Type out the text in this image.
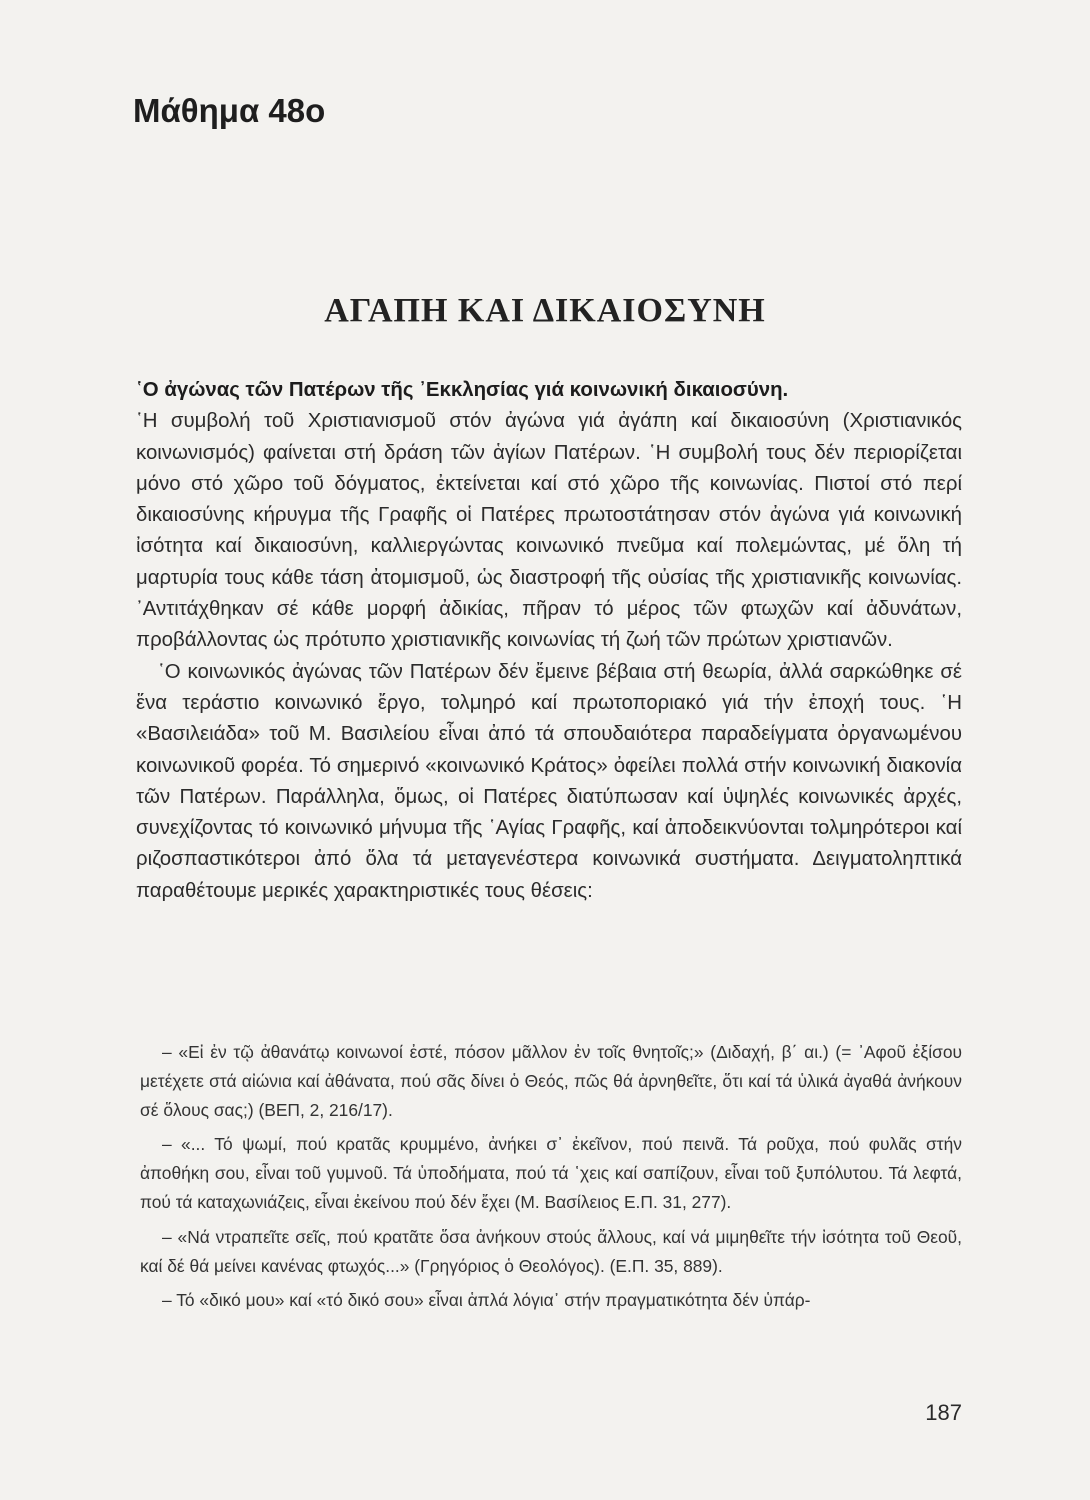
Μάθημα 48ο
ΑΓΑΠΗ ΚΑΙ ΔΙΚΑΙΟΣΥΝΗ

῾Ο ἀγώνας τῶν Πατέρων τῆς ᾿Εκκλησίας γιά κοινωνική δικαιοσύνη.

῾Η συμβολή τοῦ Χριστιανισμοῦ στόν ἀγώνα γιά ἀγάπη καί δικαιοσύνη (Χριστιανικός κοινωνισμός) φαίνεται στή δράση τῶν ἁγίων Πατέρων. ῾Η συμβολή τους δέν περιορίζεται μόνο στό χῶρο τοῦ δόγματος, ἐκτείνεται καί στό χῶρο τῆς κοινωνίας. Πιστοί στό περί δικαιοσύνης κήρυγμα τῆς Γραφῆς οἱ Πατέρες πρωτοστάτησαν στόν ἀγώνα γιά κοινωνική ἰσότητα καί δικαιοσύνη, καλλιεργώντας κοινωνικό πνεῦμα καί πολεμώντας, μέ ὅλη τή μαρτυρία τους κάθε τάση ἀτομισμοῦ, ὡς διαστροφή τῆς οὐσίας τῆς χριστιανικῆς κοινωνίας. ᾿Αντιτάχθηκαν σέ κάθε μορφή ἀδικίας, πῆραν τό μέρος τῶν φτωχῶν καί ἀδυνάτων, προβάλλοντας ὡς πρότυπο χριστιανικῆς κοινωνίας τή ζωή τῶν πρώτων χριστιανῶν.

῾Ο κοινωνικός ἀγώνας τῶν Πατέρων δέν ἔμεινε βέβαια στή θεωρία, ἀλλά σαρκώθηκε σέ ἕνα τεράστιο κοινωνικό ἔργο, τολμηρό καί πρωτοποριακό γιά τήν ἐποχή τους. ῾Η «Βασιλειάδα» τοῦ Μ. Βασιλείου εἶναι ἀπό τά σπουδαιότερα παραδείγματα ὀργανωμένου κοινωνικοῦ φορέα. Τό σημερινό «κοινωνικό Κράτος» ὀφείλει πολλά στήν κοινωνική διακονία τῶν Πατέρων. Παράλληλα, ὅμως, οἱ Πατέρες διατύπωσαν καί ὑψηλές κοινωνικές ἀρχές, συνεχίζοντας τό κοινωνικό μήνυμα τῆς ῾Αγίας Γραφῆς, καί ἀποδεικνύονται τολμηρότεροι καί ριζοσπαστικότεροι ἀπό ὅλα τά μεταγενέστερα κοινωνικά συστήματα. Δειγματοληπτικά παραθέτουμε μερικές χαρακτηριστικές τους θέσεις:

– «Εἰ ἐν τῷ ἀθανάτῳ κοινωνοί ἐστέ, πόσον μᾶλλον ἐν τοῖς θνητοῖς;» (Διδαχή, β΄ αι.) (= ᾿Αφοῦ ἐξίσου μετέχετε στά αἰώνια καί ἀθάνατα, πού σᾶς δίνει ὁ Θεός, πῶς θά ἀρνηθεῖτε, ὅτι καί τά ὑλικά ἀγαθά ἀνήκουν σέ ὅλους σας;) (ΒΕΠ, 2, 216/17).

– «... Τό ψωμί, πού κρατᾶς κρυμμένο, ἀνήκει σ᾿ ἐκεῖνον, πού πεινᾶ. Τά ροῦχα, πού φυλᾶς στήν ἀποθήκη σου, εἶναι τοῦ γυμνοῦ. Τά ὑποδήματα, πού τά ῾χεις καί σαπίζουν, εἶναι τοῦ ξυπόλυτου. Τά λεφτά, πού τά καταχωνιάζεις, εἶναι ἐκείνου πού δέν ἔχει (Μ. Βασίλειος Ε.Π. 31, 277).

– «Νά ντραπεῖτε σεῖς, πού κρατᾶτε ὅσα ἀνήκουν στούς ἄλλους, καί νά μιμηθεῖτε τήν ἰσότητα τοῦ Θεοῦ, καί δέ θά μείνει κανένας φτωχός...» (Γρηγόριος ὁ Θεολόγος). (Ε.Π. 35, 889).

– Τό «δικό μου» καί «τό δικό σου» εἶναι ἁπλά λόγια᾿ στήν πραγματικότητα δέν ὑπάρ-

187
